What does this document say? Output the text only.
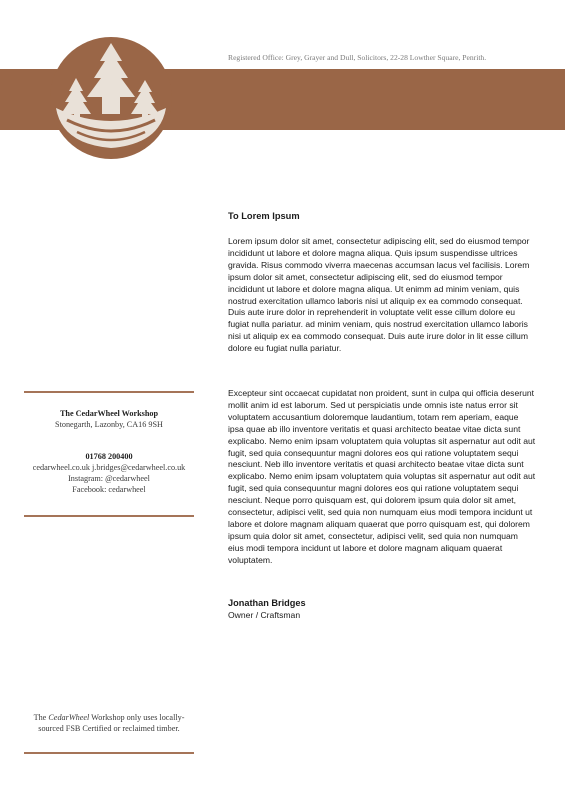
Registered Office: Grey, Grayer and Dull, Solicitors, 22-28 Lowther Square, Penrith.
The CedarWheel Workshop
Stonegarth, Lazonby, CA16 9SH
01768 200400
cedarwheel.co.uk j.bridges@cedarwheel.co.uk
Instagram: @cedarwheel
Facebook: cedarwheel
The CedarWheel Workshop only uses locally-sourced FSB Certified or reclaimed timber.
To Lorem Ipsum
Lorem ipsum dolor sit amet, consectetur adipiscing elit, sed do eiusmod tempor incididunt ut labore et dolore magna aliqua. Quis ipsum suspendisse ultrices gravida. Risus commodo viverra maecenas accumsan lacus vel facilisis. Lorem ipsum dolor sit amet, consectetur adipiscing elit, sed do eiusmod tempor incididunt ut labore et dolore magna aliqua. Ut enimm ad minim veniam, quis nostrud exercitation ullamco laboris nisi ut aliquip ex ea commodo consequat. Duis aute irure dolor in reprehenderit in voluptate velit esse cillum dolore eu fugiat nulla pariatur. ad minim veniam, quis nostrud exercitation ullamco laboris nisi ut aliquip ex ea commodo consequat. Duis aute irure dolor in lit esse cillum dolore eu fugiat nulla pariatur.
Excepteur sint occaecat cupidatat non proident, sunt in culpa qui officia deserunt mollit anim id est laborum. Sed ut perspiciatis unde omnis iste natus error sit voluptatem accusantium doloremque laudantium, totam rem aperiam, eaque ipsa quae ab illo inventore veritatis et quasi architecto beatae vitae dicta sunt explicabo. Nemo enim ipsam voluptatem quia voluptas sit aspernatur aut odit aut fugit, sed quia consequuntur magni dolores eos qui ratione voluptatem sequi nesciunt. Neb illo inventore veritatis et quasi architecto beatae vitae dicta sunt explicabo. Nemo enim ipsam voluptatem quia voluptas sit aspernatur aut odit aut fugit, sed quia consequuntur magni dolores eos qui ratione voluptatem sequi nesciunt. Neque porro quisquam est, qui dolorem ipsum quia dolor sit amet, consectetur, adipisci velit, sed quia non numquam eius modi tempora incidunt ut labore et dolore magnam aliquam quaerat que porro quisquam est, qui dolorem ipsum quia dolor sit amet, consectetur, adipisci velit, sed quia non numquam eius modi tempora incidunt ut labore et dolore magnam aliquam quaerat voluptatem.
Jonathan Bridges
Owner / Craftsman
